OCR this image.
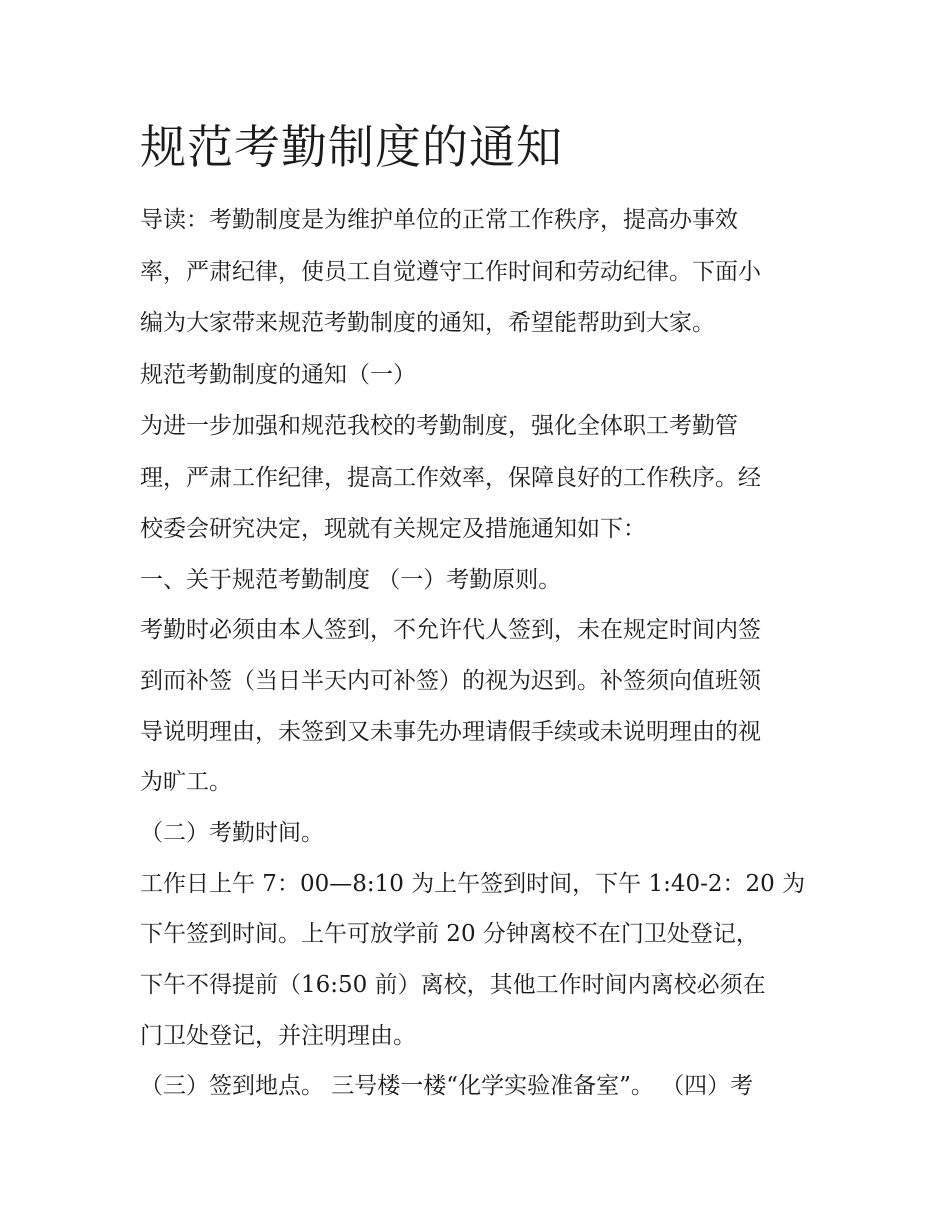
规范考勤制度的通知

导读：考勤制度是为维护单位的正常工作秩序，提高办事效

率，严肃纪律，使员工自觉遵守工作时间和劳动纪律。下面小

编为大家带来规范考勤制度的通知，希望能帮助到大家。

规范考勤制度的通知（一）

为进一步加强和规范我校的考勤制度，强化全体职工考勤管

理，严肃工作纪律，提高工作效率，保障良好的工作秩序。经

校委会研究决定，现就有关规定及措施通知如下：

一、关于规范考勤制度 （一）考勤原则。

考勤时必须由本人签到，不允许代人签到，未在规定时间内签

到而补签（当日半天内可补签）的视为迟到。补签须向值班领

导说明理由，未签到又未事先办理请假手续或未说明理由的视

为旷工。

（二）考勤时间。

工作日上午 7：00—8:10 为上午签到时间，下午 1:40-2：20 为

下午签到时间。上午可放学前 20 分钟离校不在门卫处登记，

下午不得提前（16:50 前）离校，其他工作时间内离校必须在

门卫处登记，并注明理由。

（三）签到地点。 三号楼一楼“化学实验准备室”。 （四）考
